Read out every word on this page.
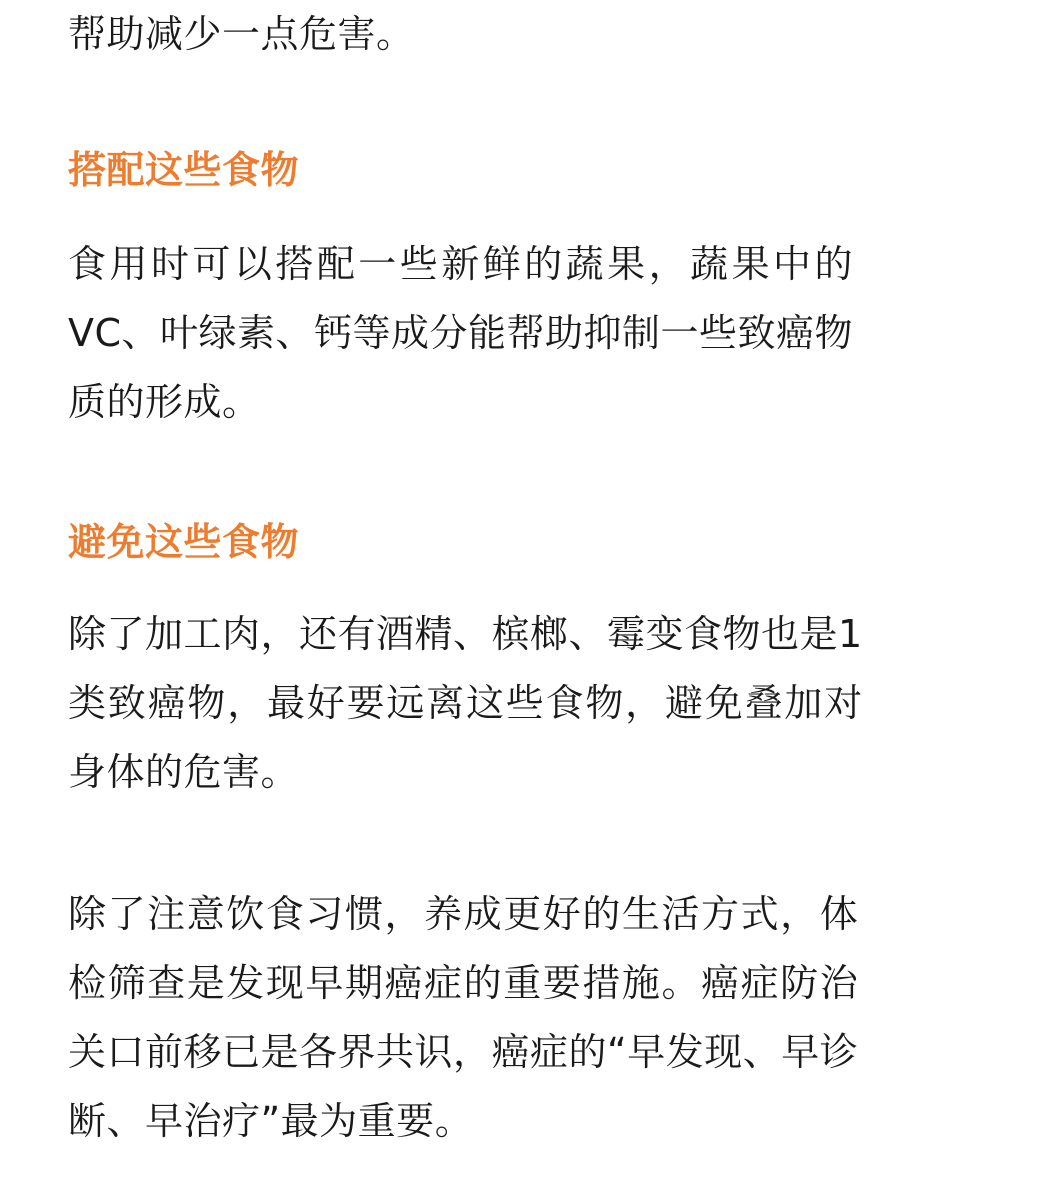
帮助减少一点危害。

搭配这些食物

食用时可以搭配一些新鲜的蔬果，蔬果中的
VC、叶绿素、钙等成分能帮助抑制一些致癌物
质的形成。

避免这些食物

除了加工肉，还有酒精、槟榔、霉变食物也是1
类致癌物，最好要远离这些食物，避免叠加对
身体的危害。

除了注意饮食习惯，养成更好的生活方式，体
检筛查是发现早期癌症的重要措施。癌症防治
关口前移已是各界共识，癌症的“早发现、早诊
断、早治疗”最为重要。
